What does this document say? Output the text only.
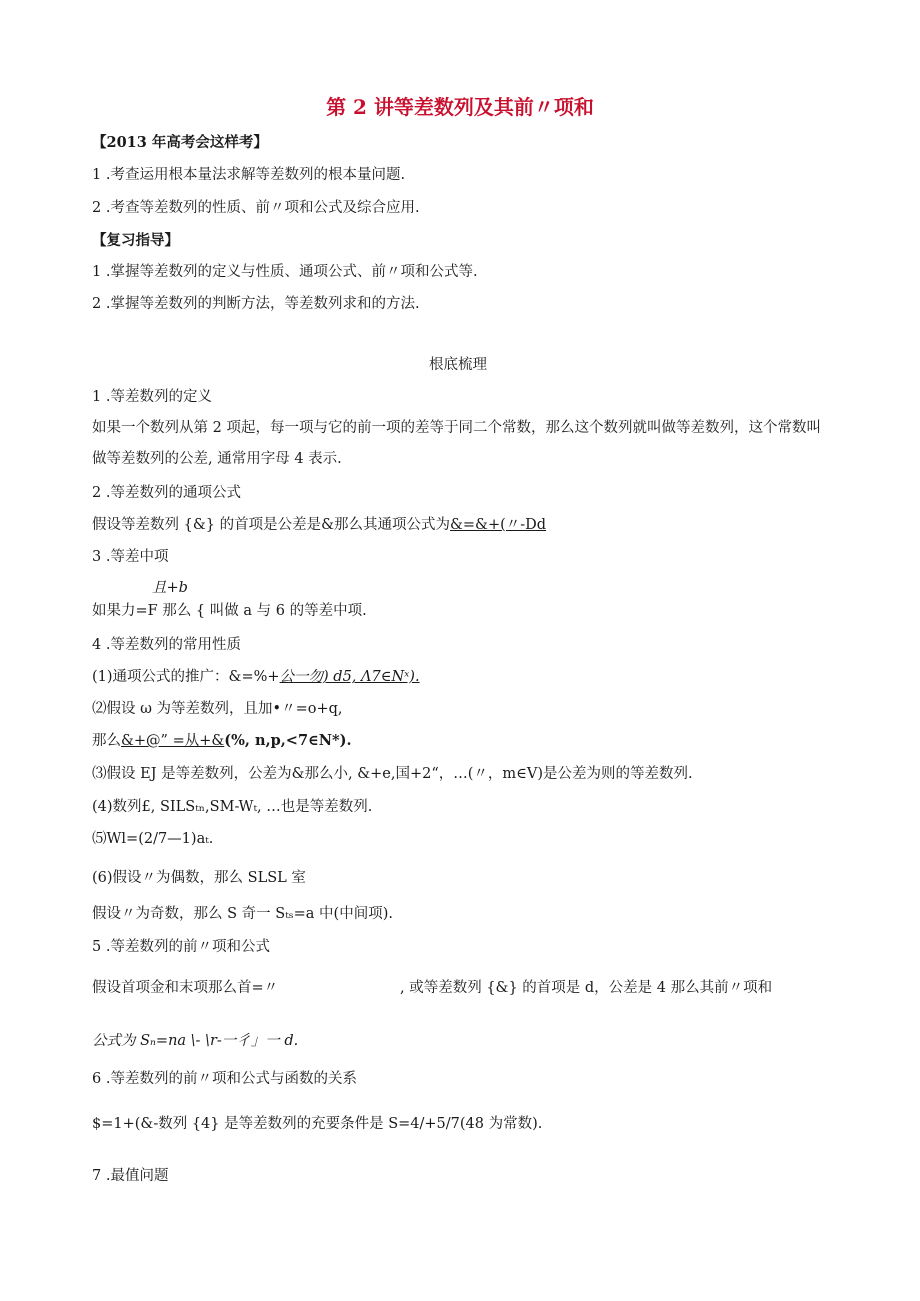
第 2 讲等差数列及其前〃项和
【2013 年高考会这样考】
1 .考查运用根本量法求解等差数列的根本量问题.
2 .考查等差数列的性质、前〃项和公式及综合应用.
【复习指导】
1 .掌握等差数列的定义与性质、通项公式、前〃项和公式等.
2 .掌握等差数列的判断方法，等差数列求和的方法.
根底梳理
1 .等差数列的定义
如果一个数列从第 2 项起，每一项与它的前一项的差等于同二个常数，那么这个数列就叫做等差数列，这个常数叫做等差数列的公差, 通常用字母 4 表示.
2 .等差数列的通项公式
假设等差数列 {&} 的首项是公差是&那么其通项公式为&=&+(〃-Dd
3 .等差中项
且+b
如果力=F 那么 { 叫做 a 与 6 的等差中项.
4 .等差数列的常用性质
(1)通项公式的推广：&=%+公一勿) d5, Λ7∈Nˣ).
⑵假设 ω 为等差数列，且加•〃=o+q,
那么&+@” =从+&(%, n,p,<7∈N*).
⑶假设 EJ 是等差数列，公差为&那么小, &+e,国+2“，…(〃，m∈V)是公差为则的等差数列.
(4)数列£, SILSₜₙ,SM-Wₜ, …也是等差数列.
⑸Wl=(2/7—1)aₜ.
(6)假设〃为偶数，那么 SLSL 室
假设〃为奇数，那么 S 奇一 Sₜₛ=a 中(中间项).
5 .等差数列的前〃项和公式
假设首项金和末项那么首=〃	, 或等差数列 {&} 的首项是 d，公差是 4 那么其前〃项和
公式为 Sₙ=na \- \r-一彳」一 d.
6 .等差数列的前〃项和公式与函数的关系
$=1+(&-数列 {4} 是等差数列的充要条件是 S=4/+5/7(48 为常数).
7 .最值问题
